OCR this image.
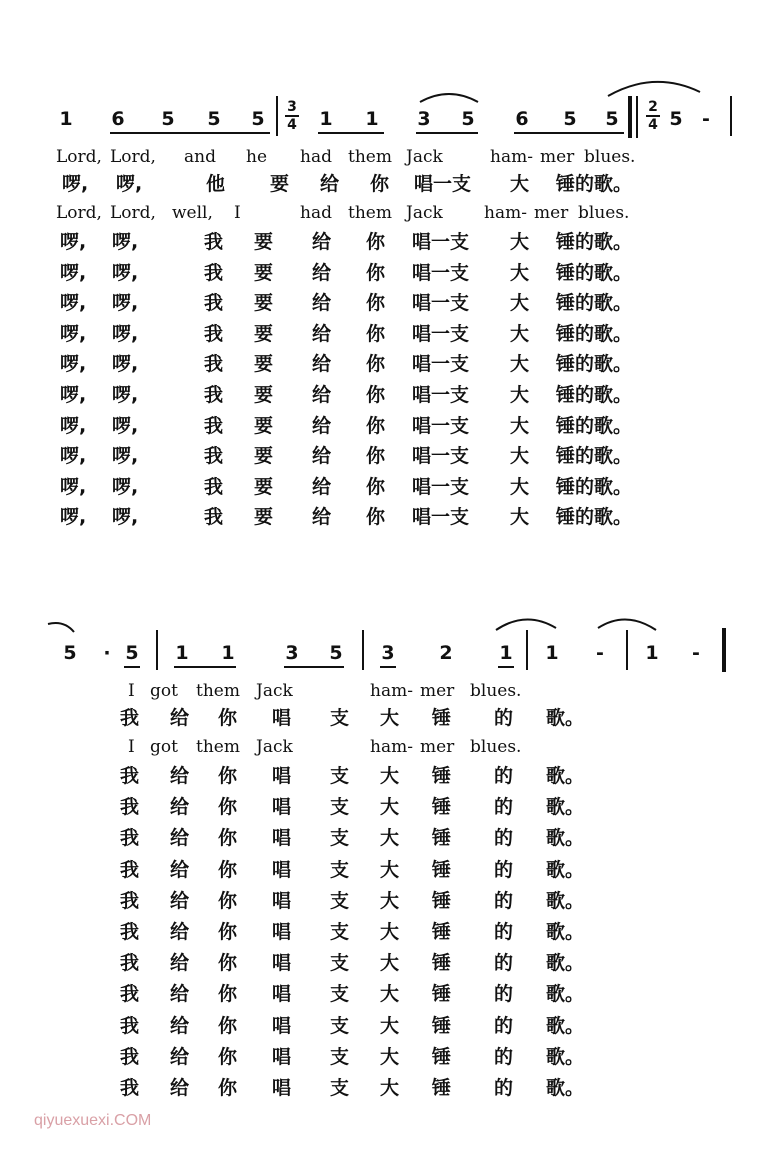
1 6 5 5 5
3
4 1 1 3 5 6 5 5
2
4 5 -
Lord, Lord, and he had them Jack	ham- mer blues.
啰, 啰,	他 要 给 你 唱一支 大 锤的歌。
Lord, Lord, well, I	had them Jack ham- mer blues.
啰, 啰,	我 要 给 你 唱一支 大 锤的歌。
啰, 啰,	我 要 给 你 唱一支 大 锤的歌。
啰, 啰,	我 要 给 你 唱一支 大 锤的歌。
啰, 啰,	我 要 给 你 唱一支 大 锤的歌。
啰, 啰,	我 要 给 你 唱一支 大 锤的歌。
啰, 啰,	我 要 给 你 唱一支 大 锤的歌。
啰, 啰,	我 要 给 你 唱一支 大 锤的歌。
啰, 啰,	我 要 给 你 唱一支 大 锤的歌。
啰, 啰,	我 要 给 你 唱一支 大 锤的歌。
啰, 啰,	我 要 给 你 唱一支 大 锤的歌。
5 · 5 1 1	3 5 3 2 1 1 - 1 -
I got them Jack	ham- mer blues.
我 给 你 唱 支 大 锤 的 歌。
I got them Jack	ham- mer blues.
我 给 你 唱 支 大 锤 的 歌。
我 给 你 唱 支 大 锤 的 歌。
我 给 你 唱 支 大 锤 的 歌。
我 给 你 唱 支 大 锤 的 歌。
我 给 你 唱 支 大 锤 的 歌。
我 给 你 唱 支 大 锤 的 歌。
我 给 你 唱 支 大 锤 的 歌。
我 给 你 唱 支 大 锤 的 歌。
我 给 你 唱 支 大 锤 的 歌。
我 给 你 唱 支 大 锤 的 歌。
我 给 你 唱 支 大 锤 的 歌。
qiyuexuexi.COM
